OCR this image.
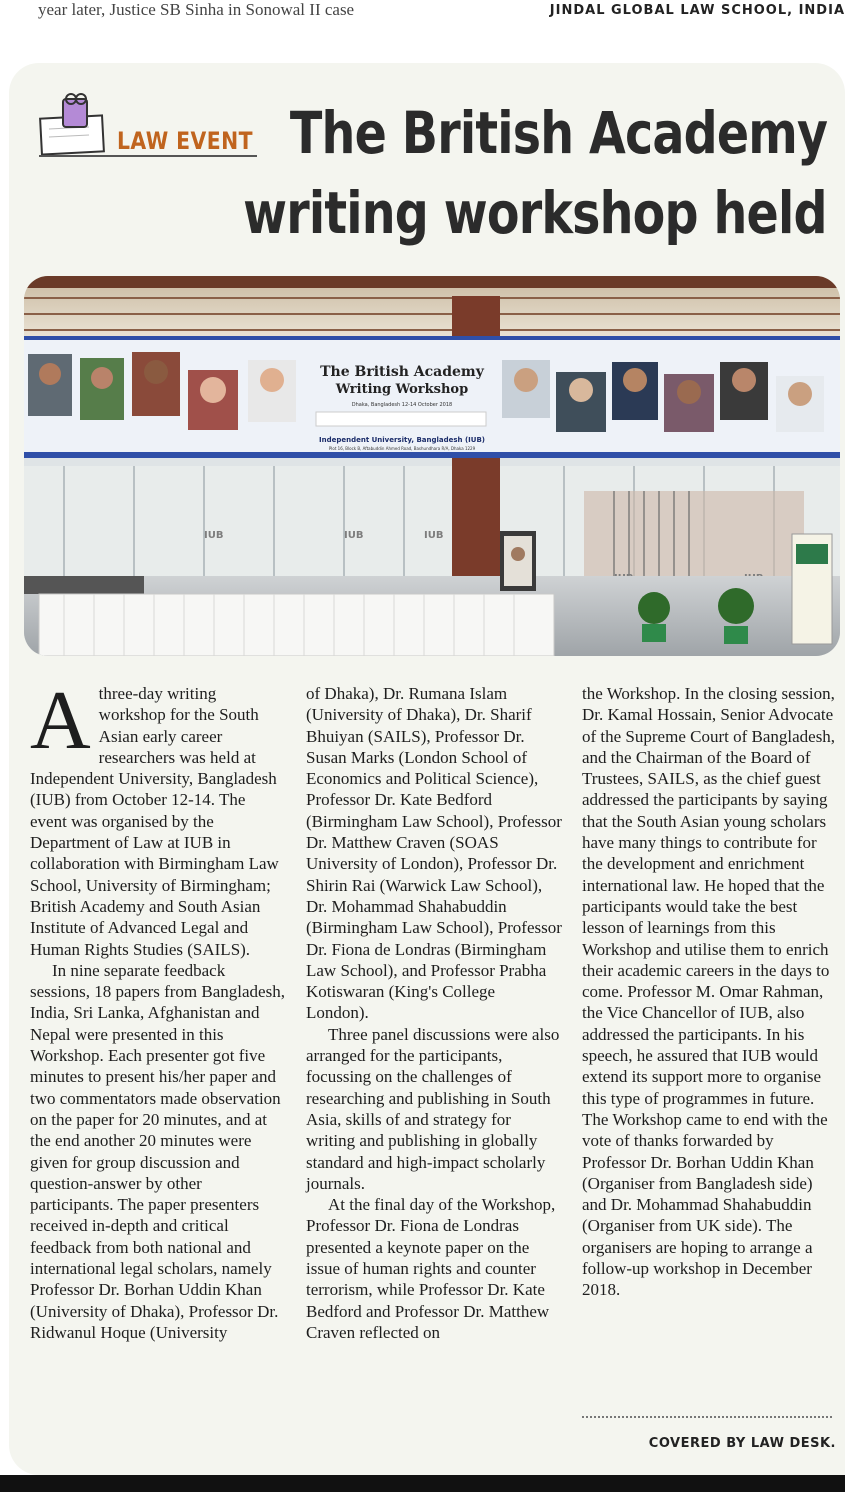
year later, Justice SB Sinha in Sonowal II case	JINDAL GLOBAL LAW SCHOOL, INDIA
LAW EVENT The British Academy
writing workshop held
IUB	IUB	IUB
The British Academy
Writing Workshop
Dhaka, Bangladesh 12-14 October 2018
Independent University, Bangladesh (IUB)
Plot 16, Block B, Aftabuddin Ahmed Road, Bashundhara R/A, Dhaka 1229

Athree-day writing workshop for the South Asian early career researchers was held at Independent University, Bangladesh (IUB) from October 12-14. The event was organised by the Department of Law at IUB in collaboration with Birmingham Law School, University of Birmingham; British Academy and South Asian Institute of Advanced Legal and Human Rights Studies (SAILS).

In nine separate feedback sessions, 18 papers from Bangladesh, India, Sri Lanka, Afghanistan and Nepal were presented in this Workshop. Each presenter got five minutes to present his/her paper and two commentators made observation on the paper for 20 minutes, and at the end another 20 minutes were given for group discussion and question-answer by other participants. The paper presenters received in-depth and critical feedback from both national and international legal scholars, namely Professor Dr. Borhan Uddin Khan (University of Dhaka), Professor Dr. Ridwanul Hoque (University

of Dhaka), Dr. Rumana Islam (University of Dhaka), Dr. Sharif Bhuiyan (SAILS), Professor Dr. Susan Marks (London School of Economics and Political Science), Professor Dr. Kate Bedford (Birmingham Law School), Professor Dr. Matthew Craven (SOAS University of London), Professor Dr. Shirin Rai (Warwick Law School), Dr. Mohammad Shahabuddin (Birmingham Law School), Professor Dr. Fiona de Londras (Birmingham Law School), and Professor Prabha Kotiswaran (King's College London).

Three panel discussions were also arranged for the participants, focussing on the challenges of researching and publishing in South Asia, skills of and strategy for writing and publishing in globally standard and high-impact scholarly journals.

At the final day of the Workshop, Professor Dr. Fiona de Londras presented a keynote paper on the issue of human rights and counter terrorism, while Professor Dr. Kate Bedford and Professor Dr. Matthew Craven reflected on

the Workshop. In the closing session, Dr. Kamal Hossain, Senior Advocate of the Supreme Court of Bangladesh, and the Chairman of the Board of Trustees, SAILS, as the chief guest addressed the participants by saying that the South Asian young scholars have many things to contribute for the development and enrichment international law. He hoped that the participants would take the best lesson of learnings from this Workshop and utilise them to enrich their academic careers in the days to come. Professor M. Omar Rahman, the Vice Chancellor of IUB, also addressed the participants. In his speech, he assured that IUB would extend its support more to organise this type of programmes in future. The Workshop came to end with the vote of thanks forwarded by Professor Dr. Borhan Uddin Khan (Organiser from Bangladesh side) and Dr. Mohammad Shahabuddin (Organiser from UK side). The organisers are hoping to arrange a follow-up workshop in December 2018.

COVERED BY LAW DESK.
